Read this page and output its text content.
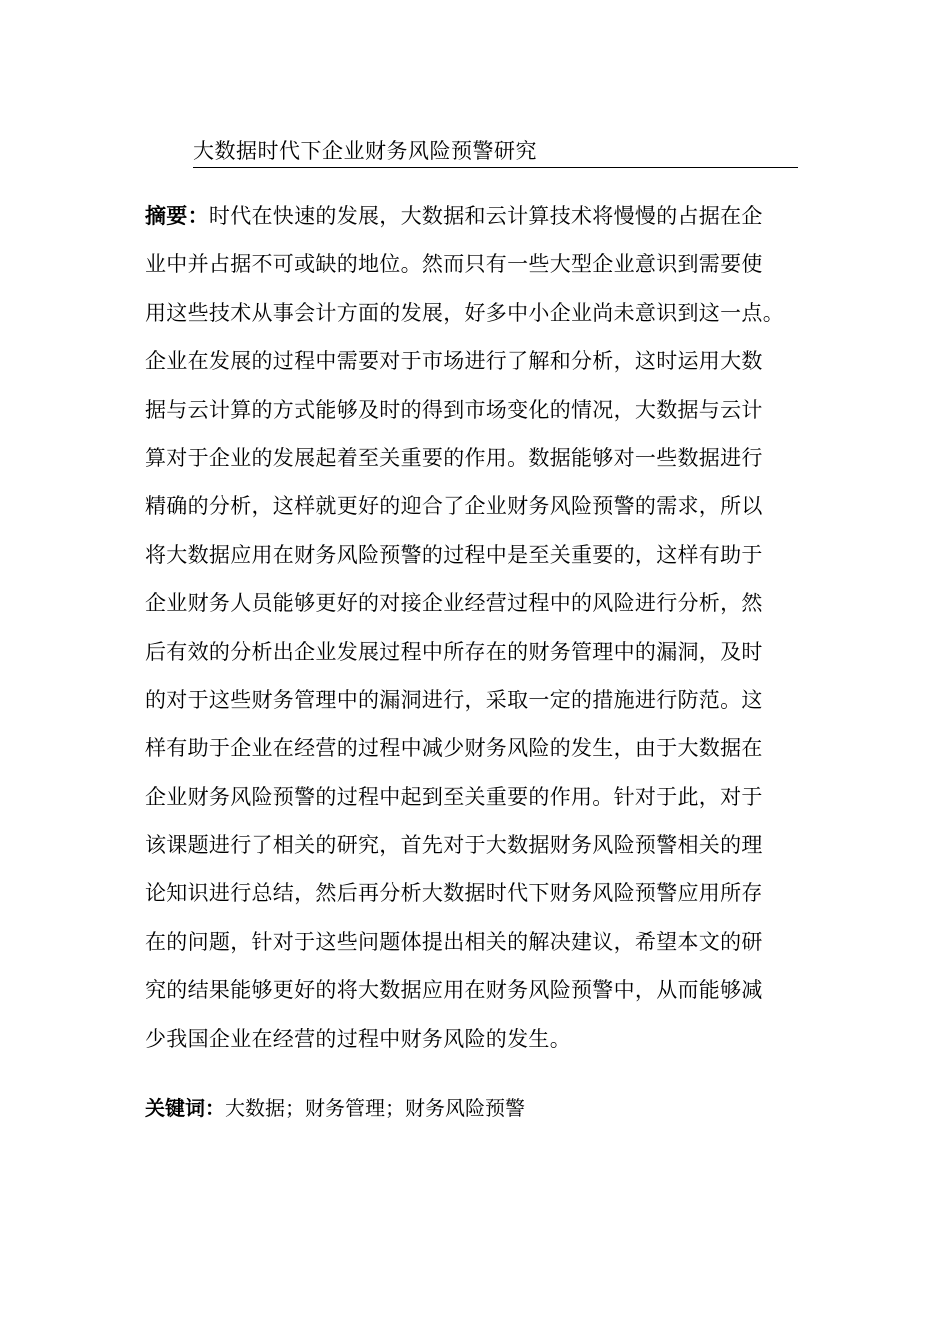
大数据时代下企业财务风险预警研究
摘要：时代在快速的发展，大数据和云计算技术将慢慢的占据在企
业中并占据不可或缺的地位。然而只有一些大型企业意识到需要使
用这些技术从事会计方面的发展，好多中小企业尚未意识到这一点。
企业在发展的过程中需要对于市场进行了解和分析，这时运用大数
据与云计算的方式能够及时的得到市场变化的情况，大数据与云计
算对于企业的发展起着至关重要的作用。数据能够对一些数据进行
精确的分析，这样就更好的迎合了企业财务风险预警的需求，所以
将大数据应用在财务风险预警的过程中是至关重要的，这样有助于
企业财务人员能够更好的对接企业经营过程中的风险进行分析，然
后有效的分析出企业发展过程中所存在的财务管理中的漏洞，及时
的对于这些财务管理中的漏洞进行，采取一定的措施进行防范。这
样有助于企业在经营的过程中减少财务风险的发生，由于大数据在
企业财务风险预警的过程中起到至关重要的作用。针对于此，对于
该课题进行了相关的研究，首先对于大数据财务风险预警相关的理
论知识进行总结，然后再分析大数据时代下财务风险预警应用所存
在的问题，针对于这些问题体提出相关的解决建议，希望本文的研
究的结果能够更好的将大数据应用在财务风险预警中，从而能够减
少我国企业在经营的过程中财务风险的发生。
关键词：大数据；财务管理；财务风险预警
